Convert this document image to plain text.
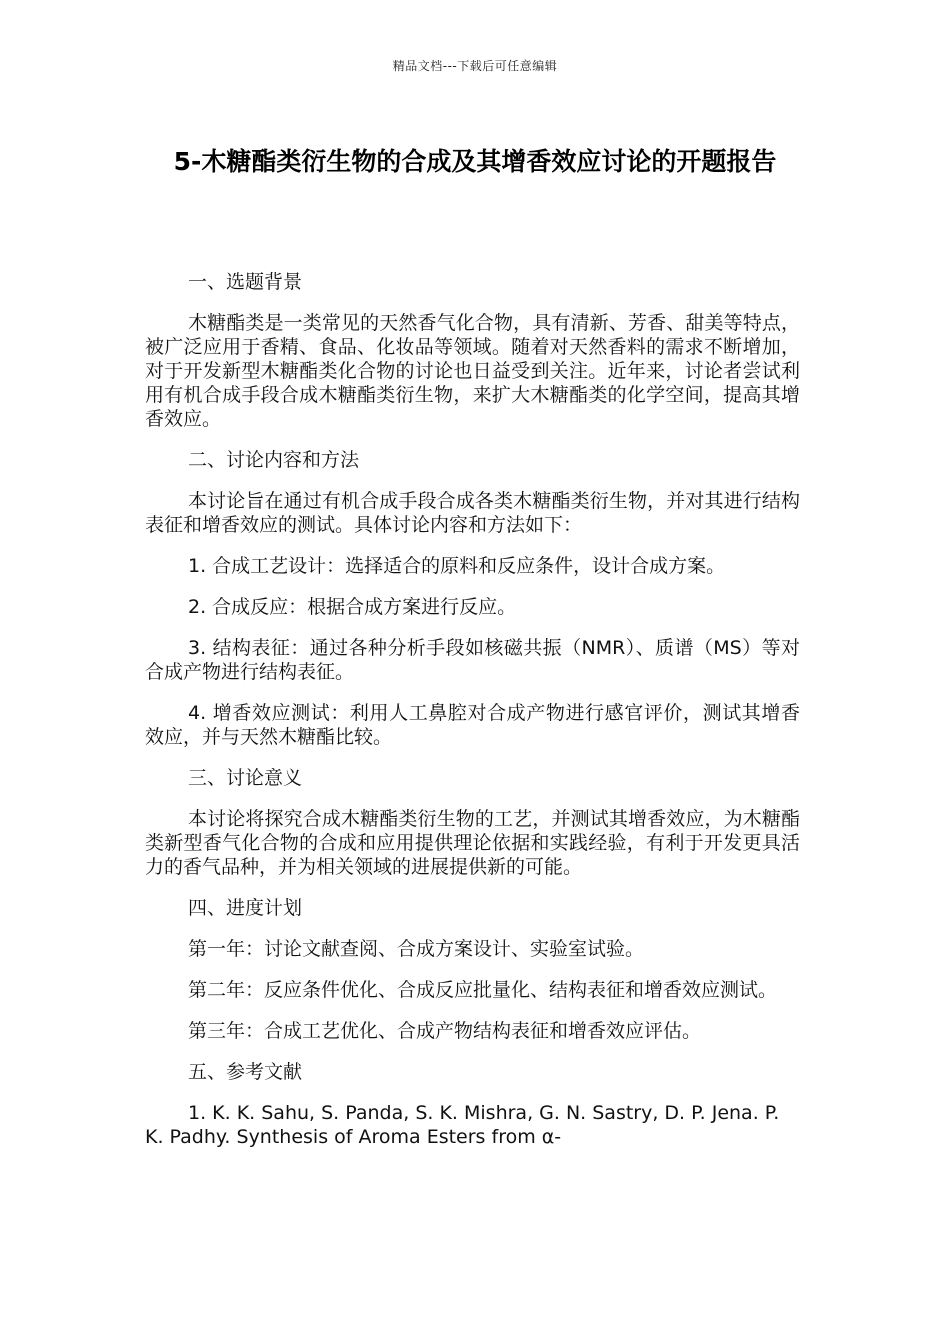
精品文档---下载后可任意编辑
5-木糖酯类衍生物的合成及其增香效应讨论的开题报告

一、选题背景

木糖酯类是一类常见的天然香气化合物，具有清新、芳香、甜美等特点，被广泛应用于香精、食品、化妆品等领域。随着对天然香料的需求不断增加，对于开发新型木糖酯类化合物的讨论也日益受到关注。近年来，讨论者尝试利用有机合成手段合成木糖酯类衍生物，来扩大木糖酯类的化学空间，提高其增香效应。

二、讨论内容和方法

本讨论旨在通过有机合成手段合成各类木糖酯类衍生物，并对其进行结构表征和增香效应的测试。具体讨论内容和方法如下：

1. 合成工艺设计：选择适合的原料和反应条件，设计合成方案。

2. 合成反应：根据合成方案进行反应。

3. 结构表征：通过各种分析手段如核磁共振（NMR）、质谱（MS）等对合成产物进行结构表征。

4. 增香效应测试：利用人工鼻腔对合成产物进行感官评价，测试其增香效应，并与天然木糖酯比较。

三、讨论意义

本讨论将探究合成木糖酯类衍生物的工艺，并测试其增香效应，为木糖酯类新型香气化合物的合成和应用提供理论依据和实践经验，有利于开发更具活力的香气品种，并为相关领域的进展提供新的可能。

四、进度计划

第一年：讨论文献查阅、合成方案设计、实验室试验。

第二年：反应条件优化、合成反应批量化、结构表征和增香效应测试。

第三年：合成工艺优化、合成产物结构表征和增香效应评估。

五、参考文献

1. K. K. Sahu, S. Panda, S. K. Mishra, G. N. Sastry, D. P. Jena. P. K. Padhy. Synthesis of Aroma Esters from α-
